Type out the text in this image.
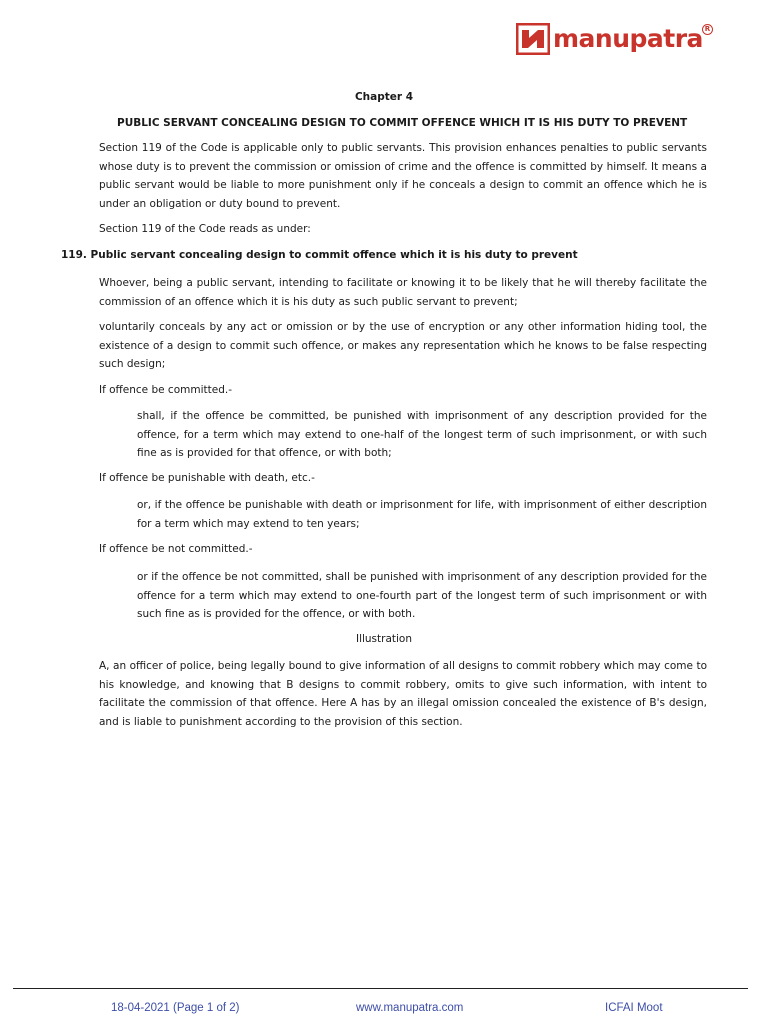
manupatra R

Chapter 4

PUBLIC SERVANT CONCEALING DESIGN TO COMMIT OFFENCE WHICH IT IS HIS DUTY TO PREVENT

Section 119 of the Code is applicable only to public servants. This provision enhances penalties to public servants whose duty is to prevent the commission or omission of crime and the offence is committed by himself. It means a public servant would be liable to more punishment only if he conceals a design to commit an offence which he is under an obligation or duty bound to prevent.

Section 119 of the Code reads as under:

119. Public servant concealing design to commit offence which it is his duty to prevent

Whoever, being a public servant, intending to facilitate or knowing it to be likely that he will thereby facilitate the commission of an offence which it is his duty as such public servant to prevent;

voluntarily conceals by any act or omission or by the use of encryption or any other information hiding tool, the existence of a design to commit such offence, or makes any representation which he knows to be false respecting such design;

If offence be committed.-

shall, if the offence be committed, be punished with imprisonment of any description provided for the offence, for a term which may extend to one-half of the longest term of such imprisonment, or with such fine as is provided for that offence, or with both;

If offence be punishable with death, etc.-

or, if the offence be punishable with death or imprisonment for life, with imprisonment of either description for a term which may extend to ten years;

If offence be not committed.-

or if the offence be not committed, shall be punished with imprisonment of any description provided for the offence for a term which may extend to one-fourth part of the longest term of such imprisonment or with such fine as is provided for the offence, or with both.

Illustration

A, an officer of police, being legally bound to give information of all designs to commit robbery which may come to his knowledge, and knowing that B designs to commit robbery, omits to give such information, with intent to facilitate the commission of that offence. Here A has by an illegal omission concealed the existence of B's design, and is liable to punishment according to the provision of this section.

18-04-2021 (Page 1 of 2)	www.manupatra.com	ICFAI Moot
